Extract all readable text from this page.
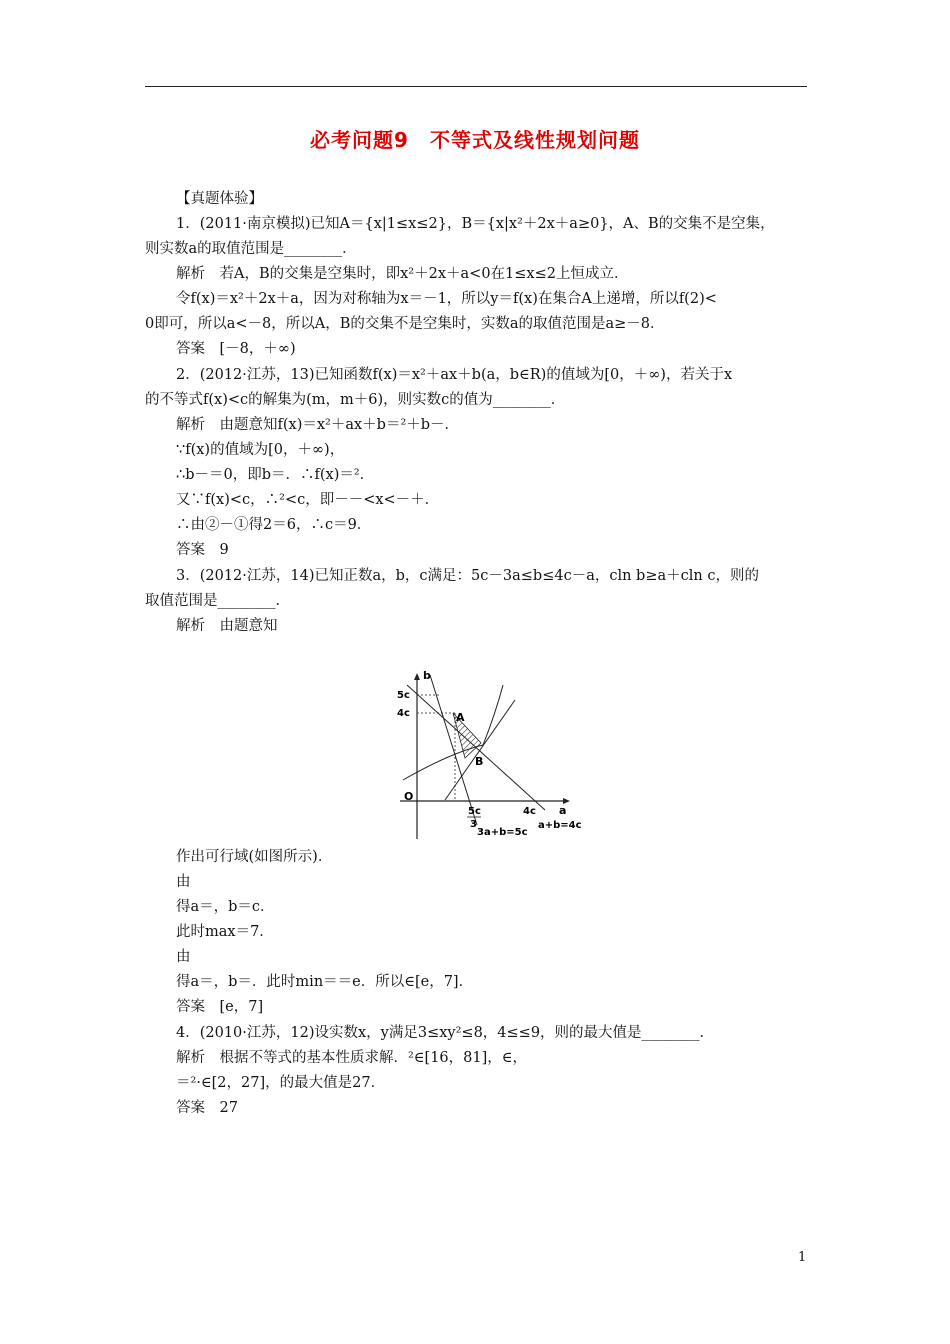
必考问题9　不等式及线性规划问题
【真题体验】
1．(2011·南京模拟)已知A＝{x|1≤x≤2}，B＝{x|x²＋2x＋a≥0}，A、B的交集不是空集，
则实数a的取值范围是________．
解析　若A，B的交集是空集时，即x²＋2x＋a<0在1≤x≤2上恒成立．
令f(x)＝x²＋2x＋a，因为对称轴为x＝－1，所以y＝f(x)在集合A上递增，所以f(2)<
0即可，所以a<－8，所以A，B的交集不是空集时，实数a的取值范围是a≥－8．
答案　[－8，＋∞)
2．(2012·江苏，13)已知函数f(x)＝x²＋ax＋b(a，b∈R)的值域为[0，＋∞)，若关于x
的不等式f(x)<c的解集为(m，m＋6)，则实数c的值为________．
解析　由题意知f(x)＝x²＋ax＋b＝²＋b－．
∵f(x)的值域为[0，＋∞)，
∴b－＝0，即b＝．∴f(x)＝²．
又∵f(x)<c，∴²<c，即－－<x<－＋．
∴由②－①得2＝6，∴c＝9．
答案　9
3．(2012·江苏，14)已知正数a，b，c满足：5c－3a≤b≤4c－a，cln b≥a＋cln c，则的
取值范围是________．
解析　由题意知
作出可行域(如图所示)．
由
得a＝，b＝c．
此时max＝7．
由
得a＝，b＝．此时min＝＝e．所以∈[e，7]．
答案　[e，7]
4．(2010·江苏，12)设实数x，y满足3≤xy²≤8，4≤≤9，则的最大值是________．
解析　根据不等式的基本性质求解．²∈[16，81]，∈，
＝²·∈[2，27]，的最大值是27．
答案　27
b
5c
4c	A
B
O
5c
3
4c a
3a+b=5c
a+b=4c
1
